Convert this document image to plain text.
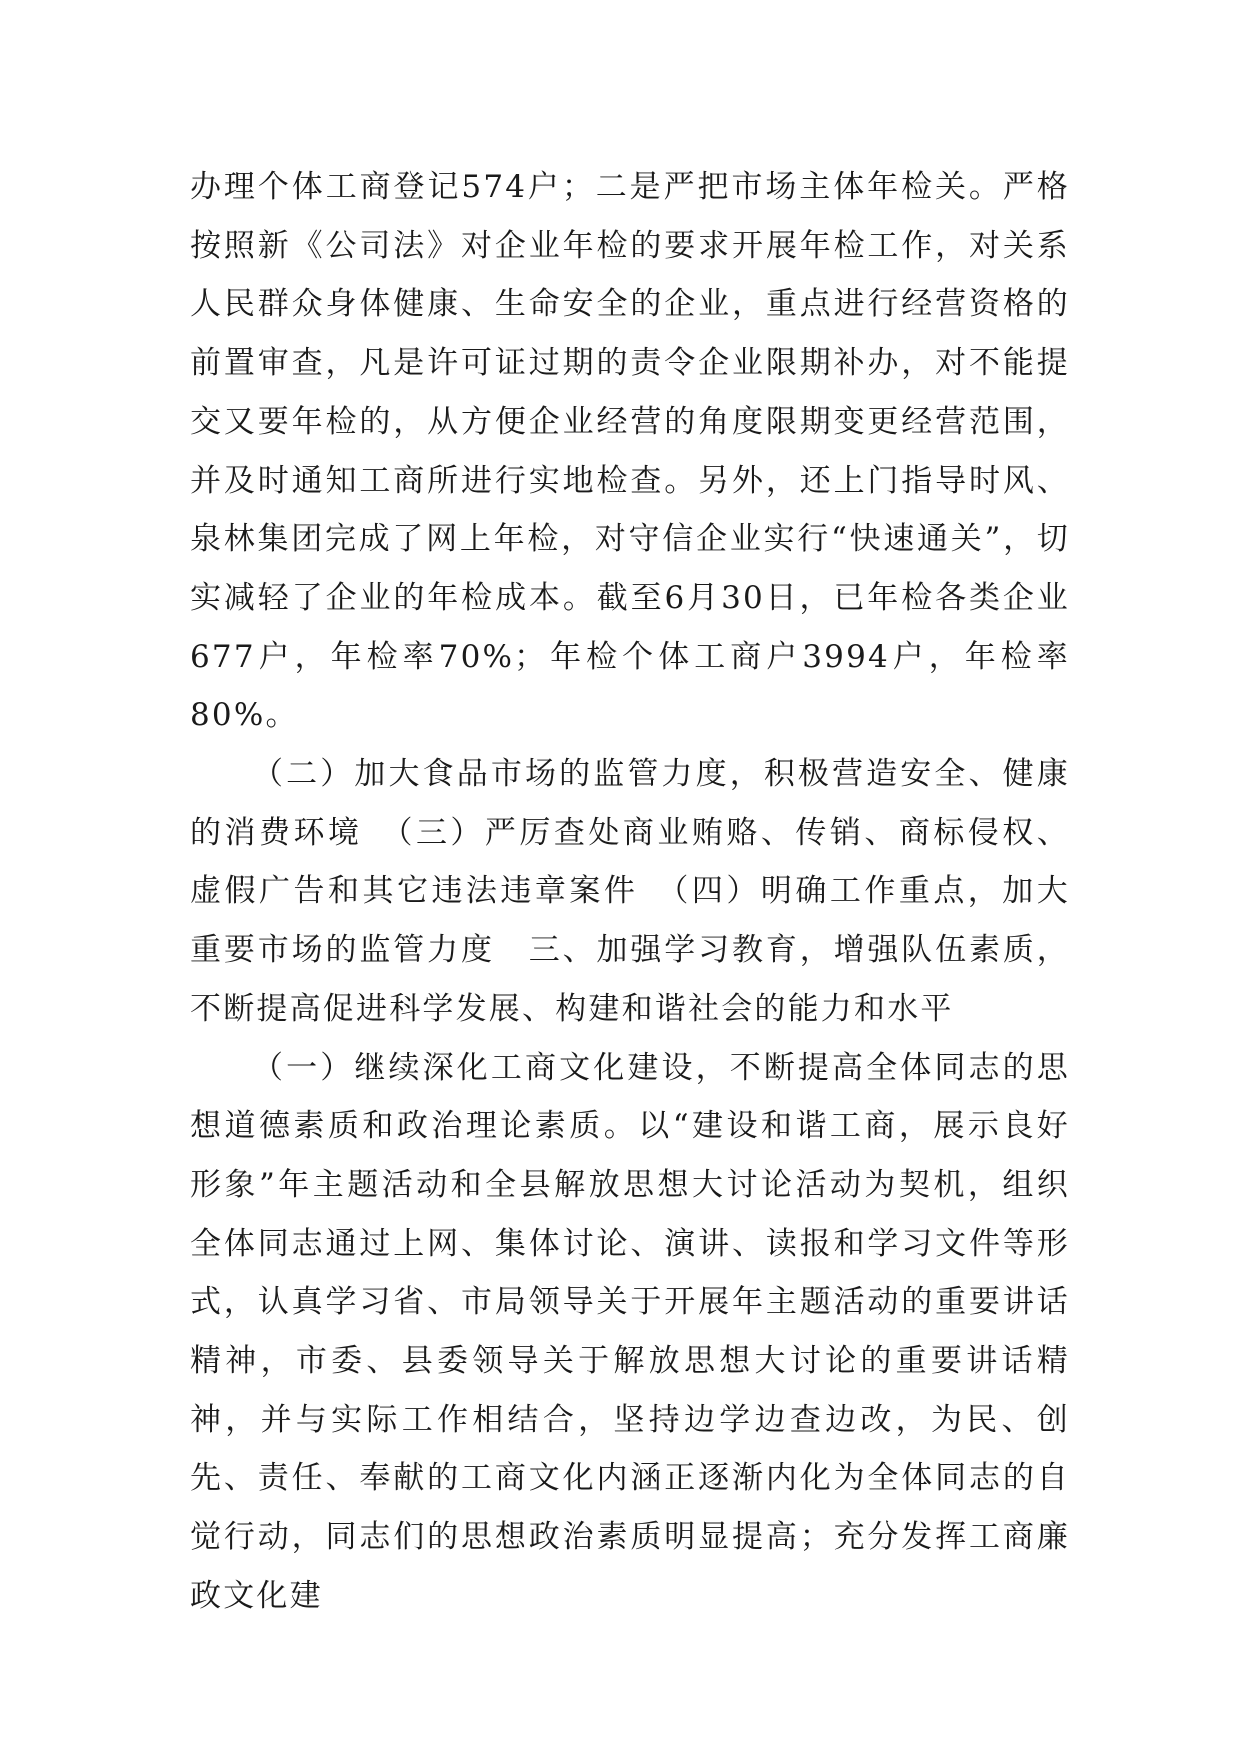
办理个体工商登记574户；二是严把市场主体年检关。严格按照新《公司法》对企业年检的要求开展年检工作，对关系人民群众身体健康、生命安全的企业，重点进行经营资格的前置审查，凡是许可证过期的责令企业限期补办，对不能提交又要年检的，从方便企业经营的角度限期变更经营范围，并及时通知工商所进行实地检查。另外，还上门指导时风、泉林集团完成了网上年检，对守信企业实行“快速通关”，切实减轻了企业的年检成本。截至6月30日，已年检各类企业677户，年检率70%；年检个体工商户3994户，年检率80%。

（二）加大食品市场的监管力度，积极营造安全、健康的消费环境　（三）严厉查处商业贿赂、传销、商标侵权、虚假广告和其它违法违章案件　（四）明确工作重点，加大重要市场的监管力度　三、加强学习教育，增强队伍素质，不断提高促进科学发展、构建和谐社会的能力和水平

（一）继续深化工商文化建设，不断提高全体同志的思想道德素质和政治理论素质。以“建设和谐工商，展示良好形象”年主题活动和全县解放思想大讨论活动为契机，组织全体同志通过上网、集体讨论、演讲、读报和学习文件等形式，认真学习省、市局领导关于开展年主题活动的重要讲话精神，市委、县委领导关于解放思想大讨论的重要讲话精神，并与实际工作相结合，坚持边学边查边改，为民、创先、责任、奉献的工商文化内涵正逐渐内化为全体同志的自觉行动，同志们的思想政治素质明显提高；充分发挥工商廉政文化建
